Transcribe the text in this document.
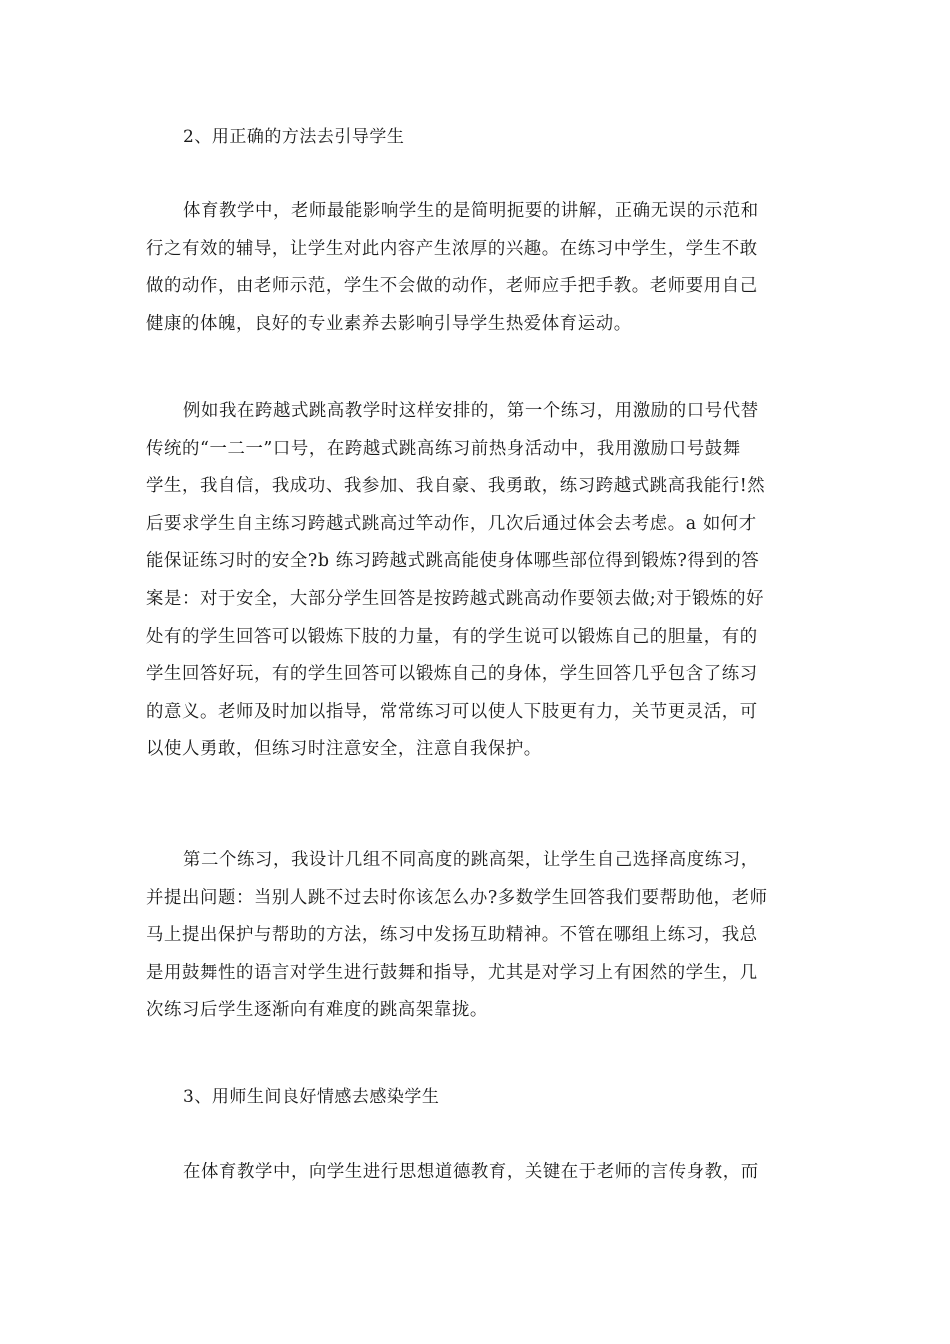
2、用正确的方法去引导学生
体育教学中，老师最能影响学生的是简明扼要的讲解，正确无误的示范和
行之有效的辅导，让学生对此内容产生浓厚的兴趣。在练习中学生，学生不敢
做的动作，由老师示范，学生不会做的动作，老师应手把手教。老师要用自己
健康的体魄，良好的专业素养去影响引导学生热爱体育运动。
例如我在跨越式跳高教学时这样安排的，第一个练习，用激励的口号代替
传统的“一二一”口号，在跨越式跳高练习前热身活动中，我用激励口号鼓舞
学生，我自信，我成功、我参加、我自豪、我勇敢，练习跨越式跳高我能行!然
后要求学生自主练习跨越式跳高过竿动作，几次后通过体会去考虑。a 如何才
能保证练习时的安全?b 练习跨越式跳高能使身体哪些部位得到锻炼?得到的答
案是：对于安全，大部分学生回答是按跨越式跳高动作要领去做;对于锻炼的好
处有的学生回答可以锻炼下肢的力量，有的学生说可以锻炼自己的胆量，有的
学生回答好玩，有的学生回答可以锻炼自己的身体，学生回答几乎包含了练习
的意义。老师及时加以指导，常常练习可以使人下肢更有力，关节更灵活，可
以使人勇敢，但练习时注意安全，注意自我保护。
第二个练习，我设计几组不同高度的跳高架，让学生自己选择高度练习，
并提出问题：当别人跳不过去时你该怎么办?多数学生回答我们要帮助他，老师
马上提出保护与帮助的方法，练习中发扬互助精神。不管在哪组上练习，我总
是用鼓舞性的语言对学生进行鼓舞和指导，尤其是对学习上有困然的学生，几
次练习后学生逐渐向有难度的跳高架靠拢。
3、用师生间良好情感去感染学生
在体育教学中，向学生进行思想道德教育，关键在于老师的言传身教，而
